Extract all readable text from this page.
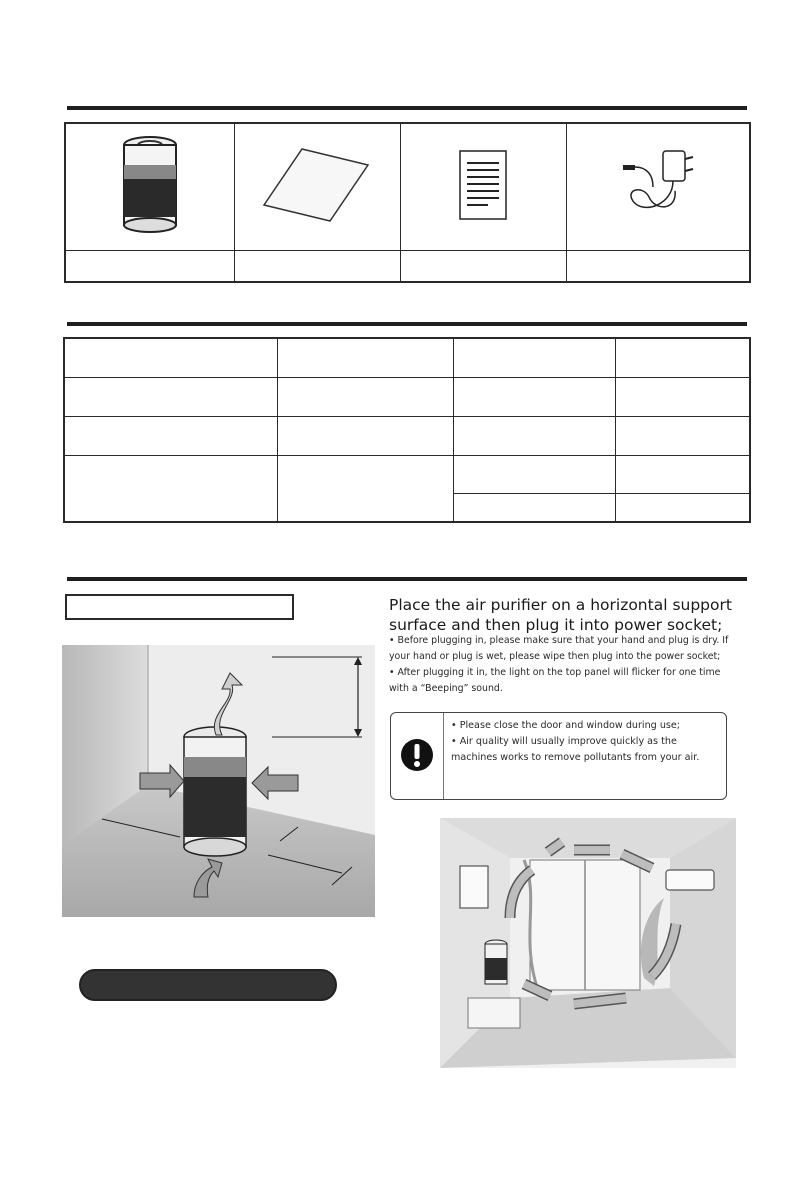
Place the air purifier on a horizontal support surface and then plug it into power socket;
• Before plugging in, please make sure that your hand and plug is dry. If your hand or plug is wet, please wipe then plug into the power socket;
• After plugging it in, the light on the top panel will flicker for one time with a “Beeping” sound.
• Please close the door and window during use;
• Air quality will usually improve quickly as the machines works to remove pollutants from your air.
